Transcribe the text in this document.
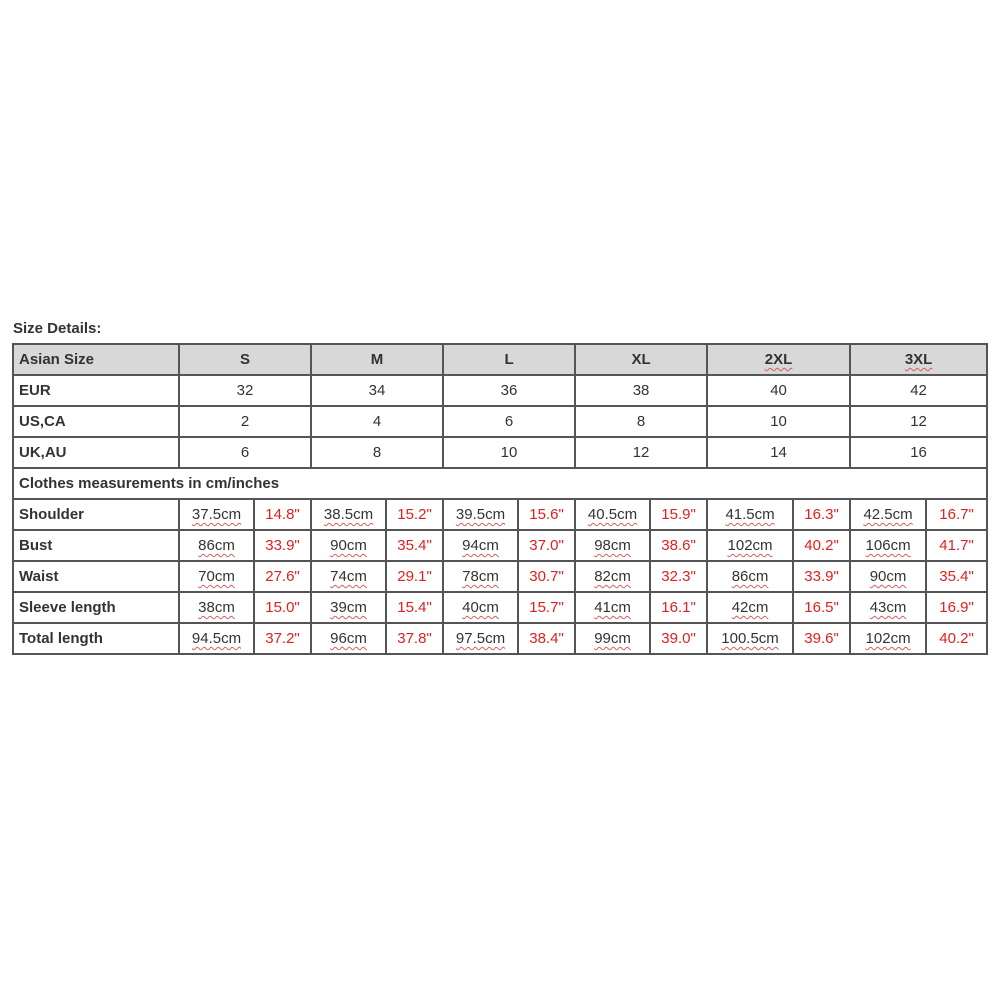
Size Details:
Asian Size	S		M		L		XL		2XL		3XL	
EUR	32		34		36		38		40		42	
US,CA	2		4		6		8		10		12	
UK,AU	6		8		10		12		14		16	
Clothes measurements in cm/inches												
Shoulder	37.5cm	14.8"	38.5cm	15.2"	39.5cm	15.6"	40.5cm	15.9"	41.5cm	16.3"	42.5cm	16.7"
Bust	86cm	33.9"	90cm	35.4"	94cm	37.0"	98cm	38.6"	102cm	40.2"	106cm	41.7"
Waist	70cm	27.6"	74cm	29.1"	78cm	30.7"	82cm	32.3"	86cm	33.9"	90cm	35.4"
Sleeve length	38cm	15.0"	39cm	15.4"	40cm	15.7"	41cm	16.1"	42cm	16.5"	43cm	16.9"
Total length	94.5cm	37.2"	96cm	37.8"	97.5cm	38.4"	99cm	39.0"	100.5cm	39.6"	102cm	40.2"
